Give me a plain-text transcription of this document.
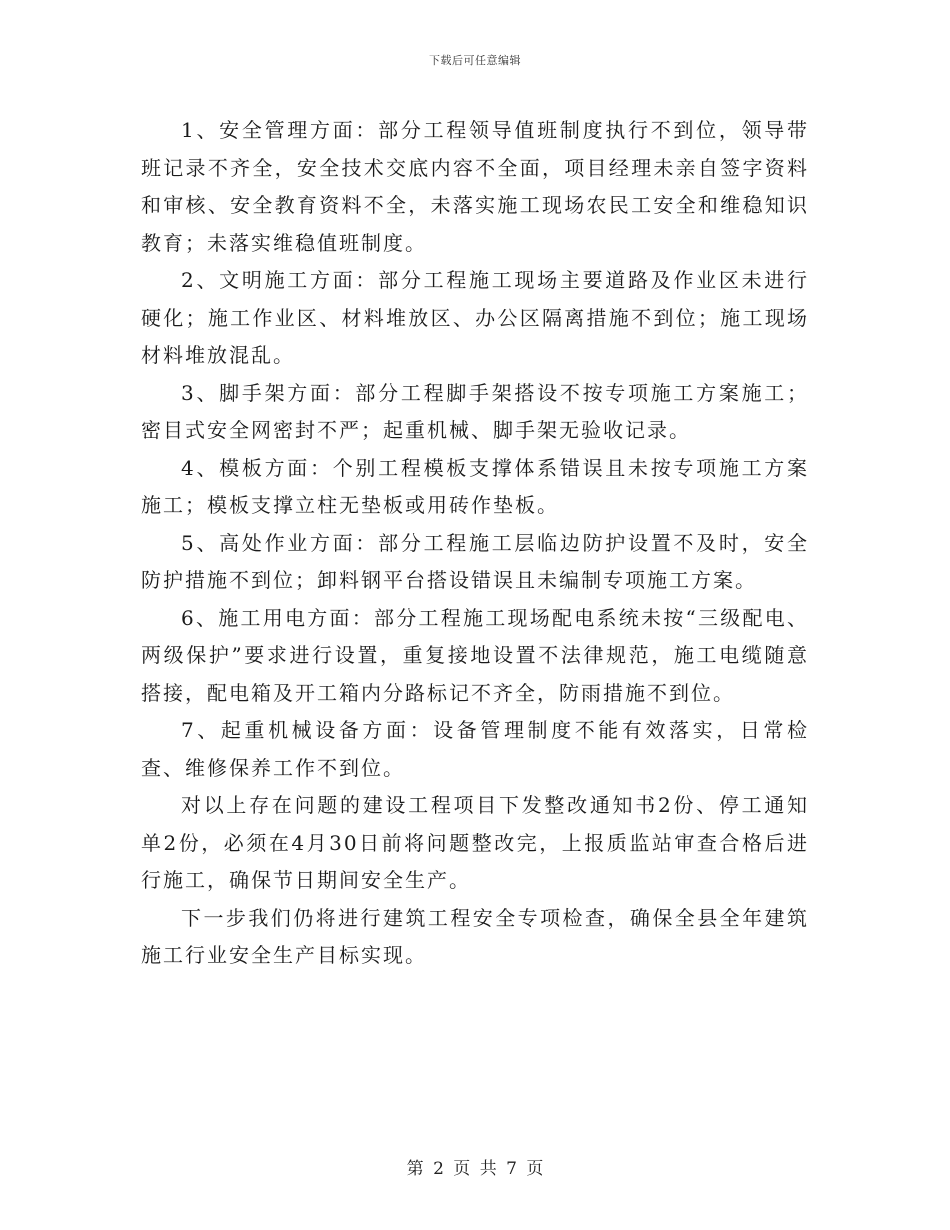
下载后可任意编辑

1、安全管理方面：部分工程领导值班制度执行不到位，领导带班记录不齐全，安全技术交底内容不全面，项目经理未亲自签字资料和审核、安全教育资料不全，未落实施工现场农民工安全和维稳知识教育；未落实维稳值班制度。

2、文明施工方面：部分工程施工现场主要道路及作业区未进行硬化；施工作业区、材料堆放区、办公区隔离措施不到位；施工现场材料堆放混乱。

3、脚手架方面：部分工程脚手架搭设不按专项施工方案施工；密目式安全网密封不严；起重机械、脚手架无验收记录。

4、模板方面：个别工程模板支撑体系错误且未按专项施工方案施工；模板支撑立柱无垫板或用砖作垫板。

5、高处作业方面：部分工程施工层临边防护设置不及时，安全防护措施不到位；卸料钢平台搭设错误且未编制专项施工方案。

6、施工用电方面：部分工程施工现场配电系统未按“三级配电、两级保护”要求进行设置，重复接地设置不法律规范，施工电缆随意搭接，配电箱及开工箱内分路标记不齐全，防雨措施不到位。

7、起重机械设备方面：设备管理制度不能有效落实，日常检查、维修保养工作不到位。

对以上存在问题的建设工程项目下发整改通知书2份、停工通知单2份，必须在4月30日前将问题整改完，上报质监站审查合格后进行施工，确保节日期间安全生产。

下一步我们仍将进行建筑工程安全专项检查，确保全县全年建筑施工行业安全生产目标实现。

第 2 页 共 7 页
